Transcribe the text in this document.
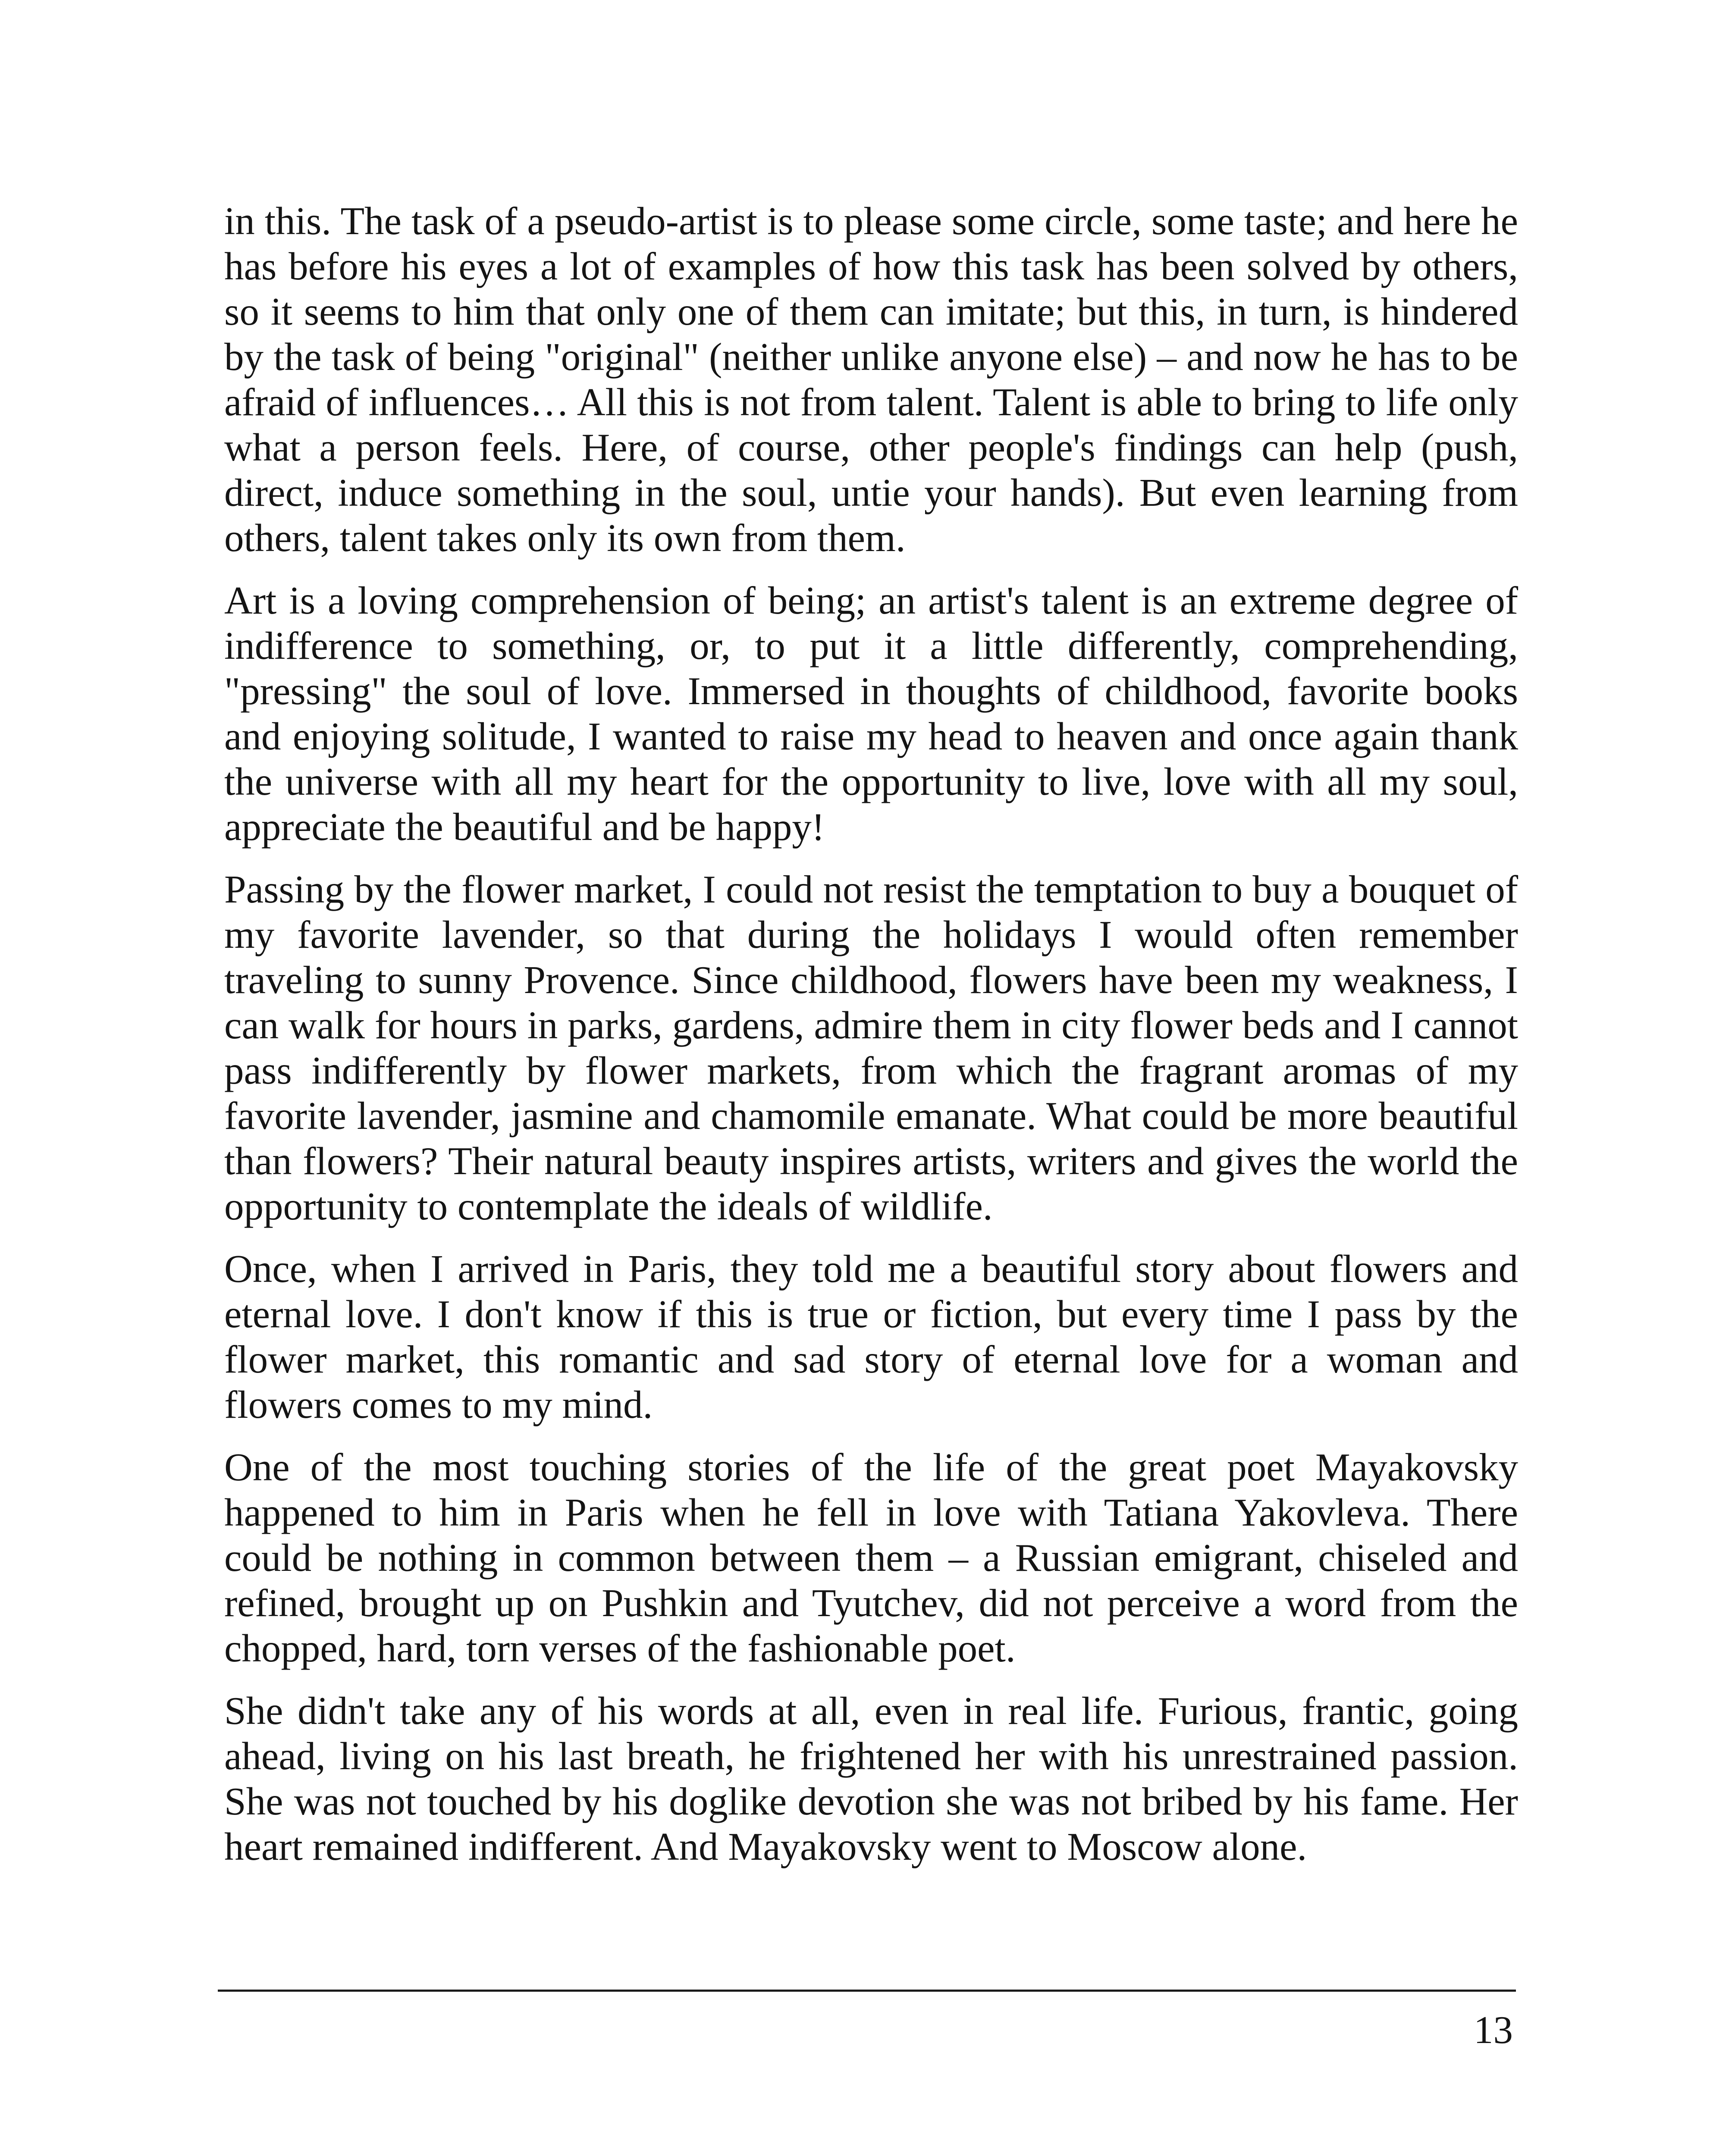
in this. The task of a pseudo-artist is to please some circle, some taste; and here he has before his eyes a lot of examples of how this task has been solved by others, so it seems to him that only one of them can imitate; but this, in turn, is hindered by the task of being "original" (neither unlike anyone else) – and now he has to be afraid of influences… All this is not from talent. Talent is able to bring to life only what a person feels. Here, of course, other people's findings can help (push, direct, induce something in the soul, untie your hands). But even learning from others, talent takes only its own from them.

Art is a loving comprehension of being; an artist's talent is an extreme degree of indifference to something, or, to put it a little differently, comprehending, "pressing" the soul of love. Immersed in thoughts of childhood, favorite books and enjoying solitude, I wanted to raise my head to heaven and once again thank the universe with all my heart for the opportunity to live, love with all my soul, appreciate the beautiful and be happy!

Passing by the flower market, I could not resist the temptation to buy a bouquet of my favorite lavender, so that during the holidays I would often remember traveling to sunny Provence. Since childhood, flowers have been my weakness, I can walk for hours in parks, gardens, admire them in city flower beds and I cannot pass indifferently by flower markets, from which the fragrant aromas of my favorite lavender, jasmine and chamomile emanate. What could be more beautiful than flowers? Their natural beauty inspires artists, writers and gives the world the opportunity to contemplate the ideals of wildlife.

Once, when I arrived in Paris, they told me a beautiful story about flowers and eternal love. I don't know if this is true or fiction, but every time I pass by the flower market, this romantic and sad story of eternal love for a woman and flowers comes to my mind.

One of the most touching stories of the life of the great poet Mayakovsky happened to him in Paris when he fell in love with Tatiana Yakovleva. There could be nothing in common between them – a Russian emigrant, chiseled and refined, brought up on Pushkin and Tyutchev, did not perceive a word from the chopped, hard, torn verses of the fashionable poet.

She didn't take any of his words at all, even in real life. Furious, frantic, going ahead, living on his last breath, he frightened her with his unrestrained passion. She was not touched by his doglike devotion she was not bribed by his fame. Her heart remained indifferent. And Mayakovsky went to Moscow alone.

13
